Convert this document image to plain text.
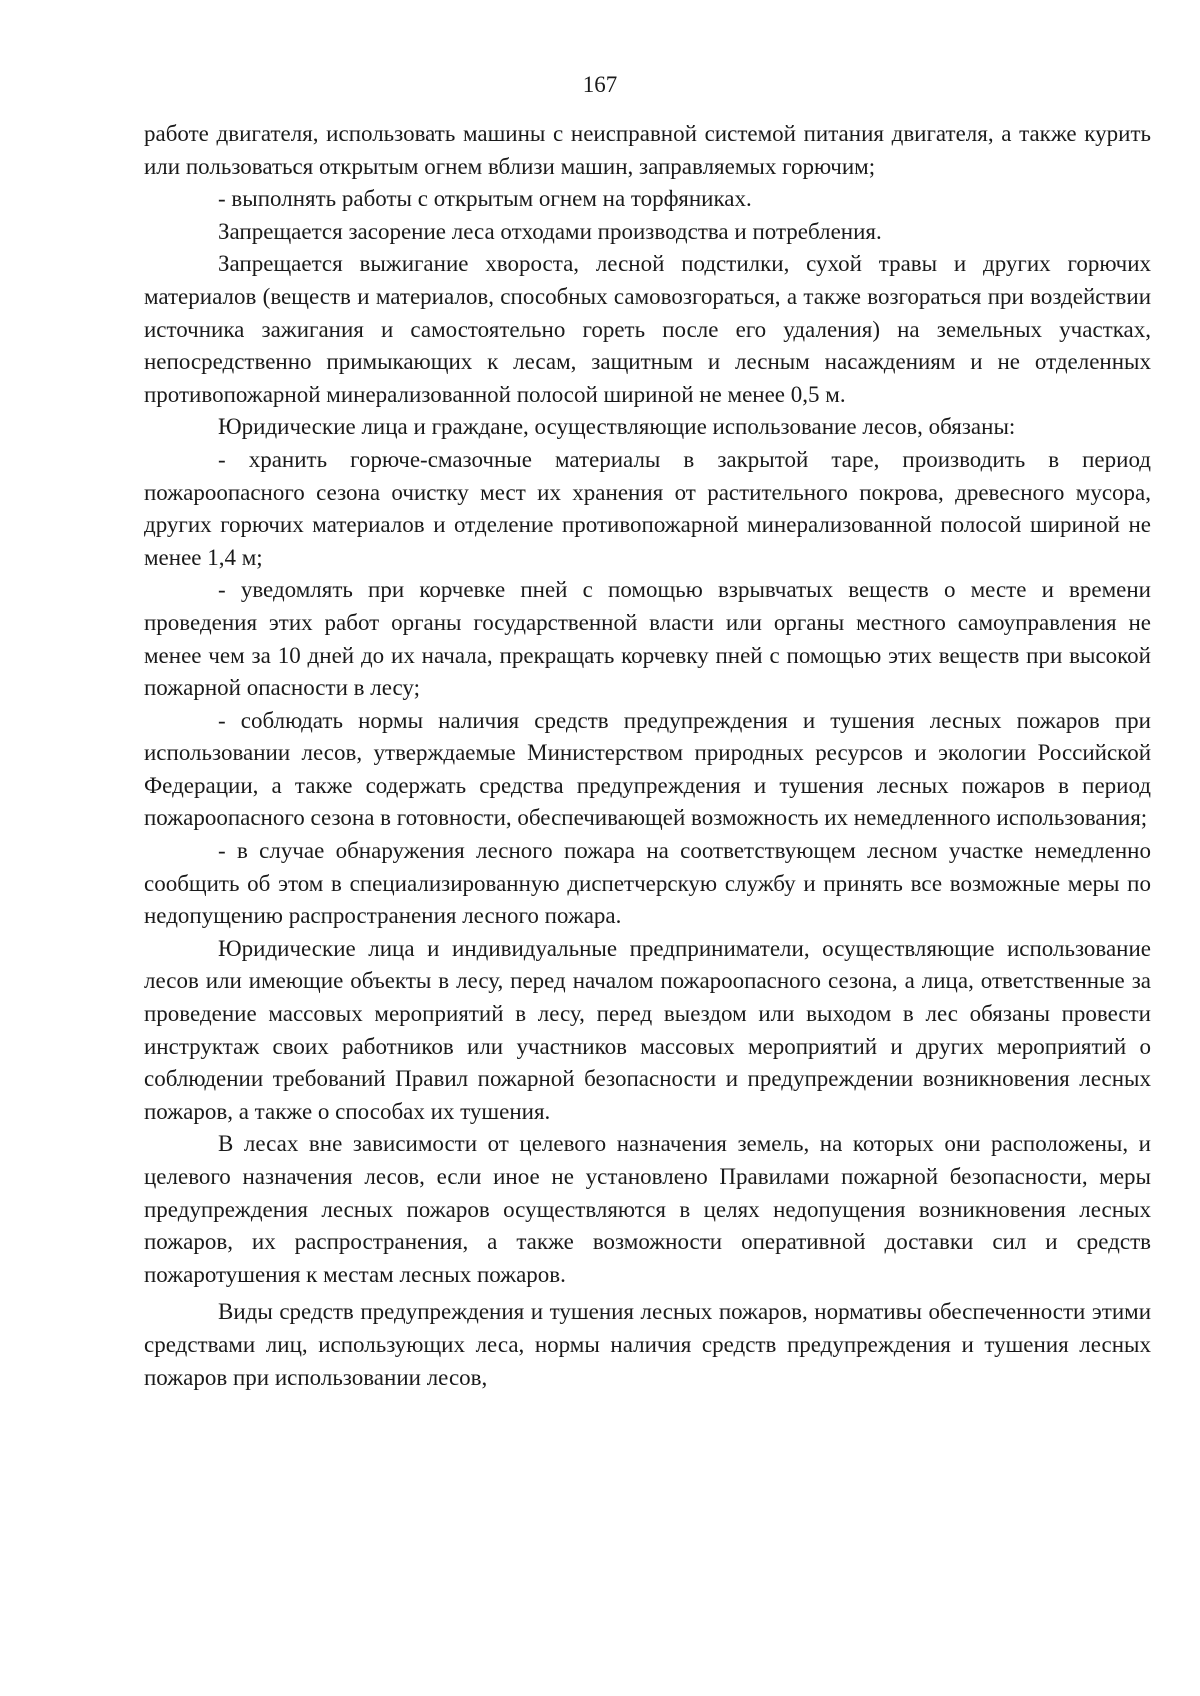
167

работе двигателя, использовать машины с неисправной системой питания двигателя, а также курить или пользоваться открытым огнем вблизи машин, заправляемых горючим;

- выполнять работы с открытым огнем на торфяниках.

Запрещается засорение леса отходами производства и потребления.

Запрещается выжигание хвороста, лесной подстилки, сухой травы и других горючих материалов (веществ и материалов, способных самовозгораться, а также возгораться при воздействии источника зажигания и самостоятельно гореть после его удаления) на земельных участках, непосредственно примыкающих к лесам, защитным и лесным насаждениям и не отделенных противопожарной минерализованной полосой шириной не менее 0,5 м.

Юридические лица и граждане, осуществляющие использование лесов, обязаны:

- хранить горюче-смазочные материалы в закрытой таре, производить в период пожароопасного сезона очистку мест их хранения от растительного покрова, древесного мусора, других горючих материалов и отделение противопожарной минерализованной полосой шириной не менее 1,4 м;

- уведомлять при корчевке пней с помощью взрывчатых веществ о месте и времени проведения этих работ органы государственной власти или органы местного самоуправления не менее чем за 10 дней до их начала, прекращать корчевку пней с помощью этих веществ при высокой пожарной опасности в лесу;

- соблюдать нормы наличия средств предупреждения и тушения лесных пожаров при использовании лесов, утверждаемые Министерством природных ресурсов и экологии Российской Федерации, а также содержать средства предупреждения и тушения лесных пожаров в период пожароопасного сезона в готовности, обеспечивающей возможность их немедленного использования;

- в случае обнаружения лесного пожара на соответствующем лесном участке немедленно сообщить об этом в специализированную диспетчерскую службу и принять все возможные меры по недопущению распространения лесного пожара.

Юридические лица и индивидуальные предприниматели, осуществляющие использование лесов или имеющие объекты в лесу, перед началом пожароопасного сезона, а лица, ответственные за проведение массовых мероприятий в лесу, перед выездом или выходом в лес обязаны провести инструктаж своих работников или участников массовых мероприятий и других мероприятий о соблюдении требований Правил пожарной безопасности и предупреждении возникновения лесных пожаров, а также о способах их тушения.

В лесах вне зависимости от целевого назначения земель, на которых они расположены, и целевого назначения лесов, если иное не установлено Правилами пожарной безопасности, меры предупреждения лесных пожаров осуществляются в целях недопущения возникновения лесных пожаров, их распространения, а также возможности оперативной доставки сил и средств пожаротушения к местам лесных пожаров.

Виды средств предупреждения и тушения лесных пожаров, нормативы обеспеченности этими средствами лиц, использующих леса, нормы наличия средств предупреждения и тушения лесных пожаров при использовании лесов,
